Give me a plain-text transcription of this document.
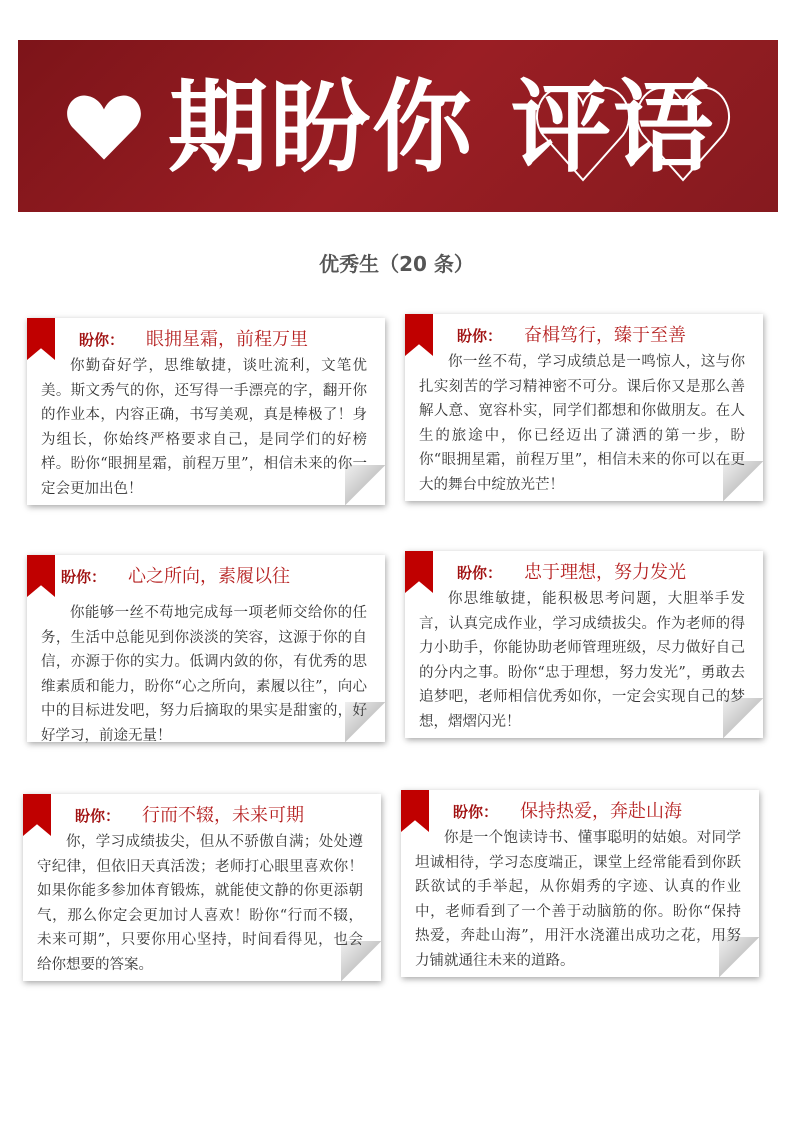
期盼你 评语
优秀生（20 条）
盼你： 眼拥星霜，前程万里
你勤奋好学，思维敏捷，谈吐流利，文笔优美。斯文秀气的你，还写得一手漂亮的字，翻开你的作业本，内容正确，书写美观，真是棒极了！身为组长，你始终严格要求自己，是同学们的好榜样。盼你“眼拥星霜，前程万里”，相信未来的你一定会更加出色！
盼你： 奋楫笃行，臻于至善
你一丝不苟，学习成绩总是一鸣惊人，这与你扎实刻苦的学习精神密不可分。课后你又是那么善解人意、宽容朴实，同学们都想和你做朋友。在人生的旅途中，你已经迈出了潇洒的第一步，盼你“眼拥星霜，前程万里”，相信未来的你可以在更大的舞台中绽放光芒！
盼你： 心之所向，素履以往
你能够一丝不苟地完成每一项老师交给你的任务，生活中总能见到你淡淡的笑容，这源于你的自信，亦源于你的实力。低调内敛的你，有优秀的思维素质和能力，盼你“心之所向，素履以往”，向心中的目标进发吧，努力后摘取的果实是甜蜜的，好好学习，前途无量！
盼你： 忠于理想，努力发光
你思维敏捷，能积极思考问题，大胆举手发言，认真完成作业，学习成绩拔尖。作为老师的得力小助手，你能协助老师管理班级，尽力做好自己的分内之事。盼你“忠于理想，努力发光”，勇敢去追梦吧，老师相信优秀如你，一定会实现自己的梦想，熠熠闪光！
盼你： 行而不辍，未来可期
你，学习成绩拔尖，但从不骄傲自满；处处遵守纪律，但依旧天真活泼；老师打心眼里喜欢你！如果你能多参加体育锻炼，就能使文静的你更添朝气，那么你定会更加讨人喜欢！盼你“行而不辍，未来可期”，只要你用心坚持，时间看得见，也会给你想要的答案。
盼你： 保持热爱，奔赴山海
你是一个饱读诗书、懂事聪明的姑娘。对同学坦诚相待，学习态度端正，课堂上经常能看到你跃跃欲试的手举起，从你娟秀的字迹、认真的作业中，老师看到了一个善于动脑筋的你。盼你“保持热爱，奔赴山海”，用汗水浇灌出成功之花，用努力铺就通往未来的道路。
